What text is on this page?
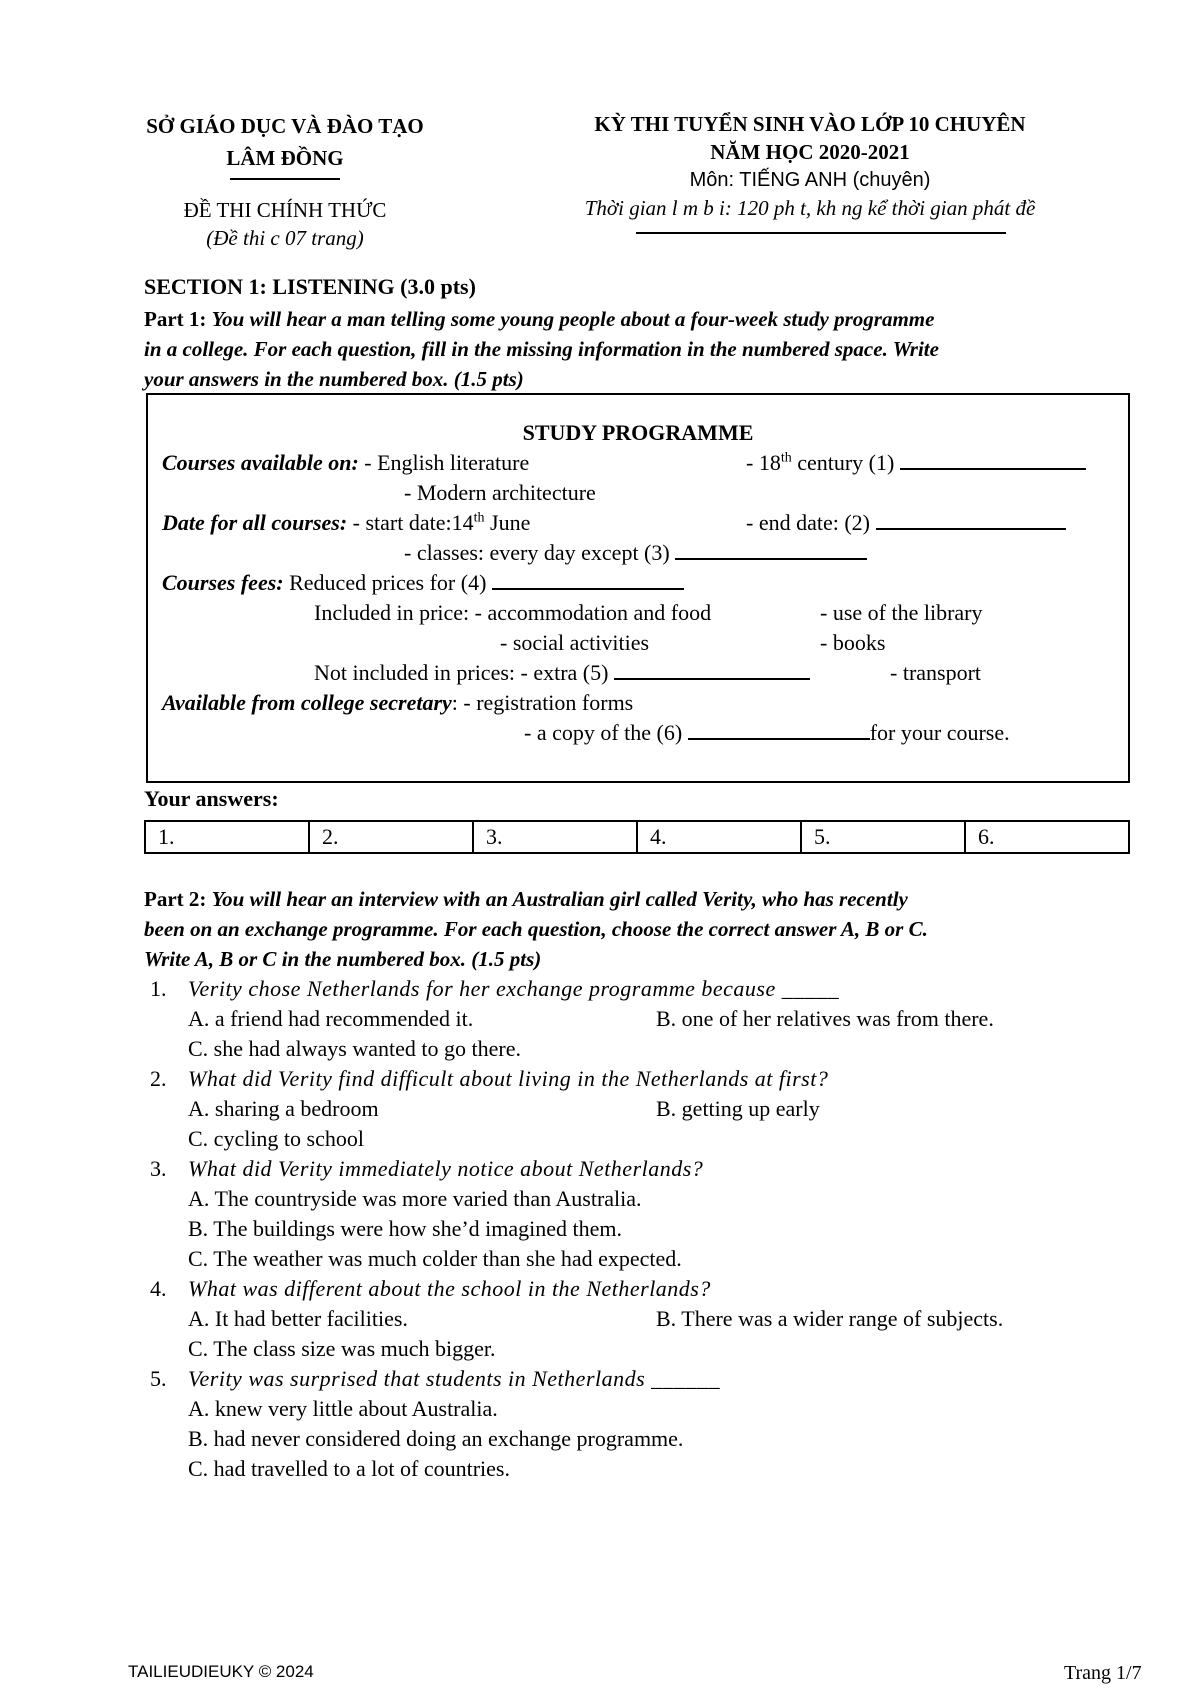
SỞ GIÁO DỤC VÀ ĐÀO TẠO
LÂM ĐỒNG
ĐỀ THI CHÍNH THỨC
(Đề thi c 07 trang)
KỲ THI TUYỂN SINH VÀO LỚP 10 CHUYÊN
NĂM HỌC 2020-2021
Môn: TIẾNG ANH (chuyên)
Thời gian l m b i: 120 ph t, kh ng kể thời gian phát đề
SECTION 1: LISTENING (3.0 pts)
Part 1: You will hear a man telling some young people about a four-week study programme
in a college. For each question, fill in the missing information in the numbered space. Write
your answers in the numbered box. (1.5 pts)
STUDY PROGRAMME
Courses available on: - English literature	- 18th century (1)
- Modern architecture
Date for all courses: - start date:14th June	- end date: (2)
- classes: every day except (3)
Courses fees: Reduced prices for (4)
Included in price: - accommodation and food	- use of the library
- social activities	- books
Not included in prices: - extra (5)	- transport
Available from college secretary: - registration forms
- a copy of the (6)	for your course.
Your answers:
1.	2.	3.	4.	5.	6.
Part 2: You will hear an interview with an Australian girl called Verity, who has recently
been on an exchange programme. For each question, choose the correct answer A, B or C.
Write A, B or C in the numbered box. (1.5 pts)
1. Verity chose Netherlands for her exchange programme because _____
A. a friend had recommended it.	B. one of her relatives was from there.
C. she had always wanted to go there.
2. What did Verity find difficult about living in the Netherlands at first?
A. sharing a bedroom	B. getting up early
C. cycling to school
3. What did Verity immediately notice about Netherlands?
A. The countryside was more varied than Australia.
B. The buildings were how she’d imagined them.
C. The weather was much colder than she had expected.
4. What was different about the school in the Netherlands?
A. It had better facilities.	B. There was a wider range of subjects.
C. The class size was much bigger.
5. Verity was surprised that students in Netherlands ______
A. knew very little about Australia.
B. had never considered doing an exchange programme.
C. had travelled to a lot of countries.
TAILIEUDIEUKY © 2024	Trang 1/7
